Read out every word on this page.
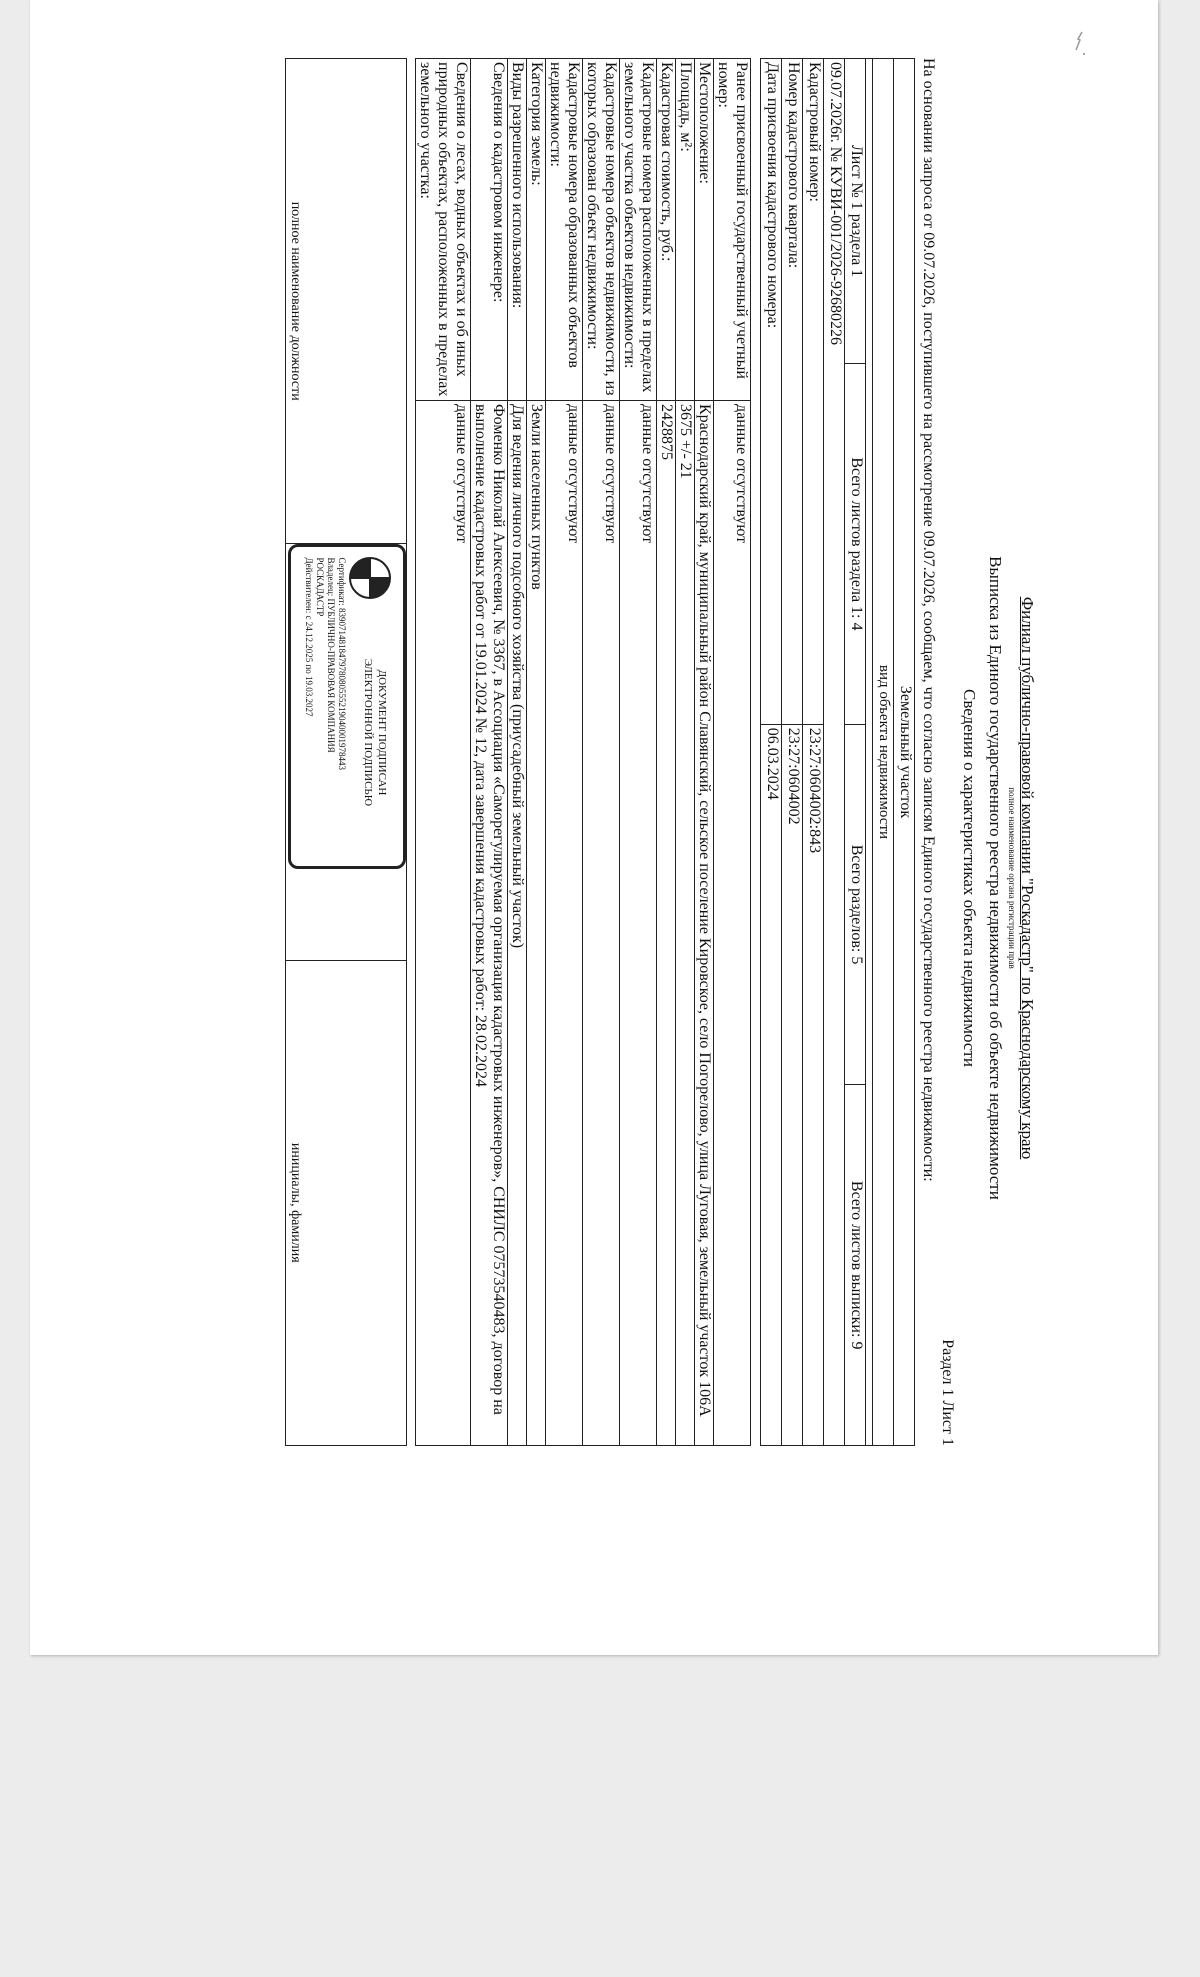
Филиал публично-правовой компании "Роскадастр" по Краснодарскому краю
полное наименование органа регистрации прав
Выписка из Единого государственного реестра недвижимости об объекте недвижимости
Сведения о характеристиках объекта недвижимости
Раздел 1 Лист 1
На основании запроса от 09.07.2026, поступившего на рассмотрение 09.07.2026, сообщаем, что согласно записям Единого государственного реестра недвижимости:
Земельный участок			
вид объекта недвижимости			

Лист № 1 раздела 1	Всего листов раздела 1: 4	Всего разделов: 5	Всего листов выписки: 9
09.07.2026г. № КУВИ-001/2026-92680226			
Кадастровый номер:		23:27:0604002:843	
Номер кадастрового квартала:		23:27:0604002	
Дата присвоения кадастрового номера:		06.03.2024	
Ранее присвоенный государственный учетный номер:	данные отсутствуют
Местоположение:	Краснодарский край, муниципальный район Славянский, сельское поселение Кировское, село Погорелово, улица Луговая, земельный участок 106А
Площадь, м²:	3675 +/- 21
Кадастровая стоимость, руб.:	2428875
Кадастровые номера расположенных в пределах земельного участка объектов недвижимости:	данные отсутствуют
Кадастровые номера объектов недвижимости, из которых образован объект недвижимости:	данные отсутствуют
Кадастровые номера образованных объектов недвижимости:	данные отсутствуют
Категория земель:	Земли населенных пунктов
Виды разрешенного использования:	Для ведения личного подсобного хозяйства (приусадебный земельный участок)
Сведения о кадастровом инженере:	Фоменко Николай Алексеевич, № 3367, в Ассоциация «Саморегулируемая организация кадастровых инженеров», СНИЛС 07573540483, договор на выполнение кадастровых работ от 19.01.2024 № 12, дата завершения кадастровых работ: 28.02.2024
Сведения о лесах, водных объектах и об иных природных объектах, расположенных в пределах земельного участка:	данные отсутствуют
полное наименование должности

ДОКУМЕНТ ПОДПИСАН
ЭЛЕКТРОННОЙ ПОДПИСЬЮ
Сертификат: 839071481847978080555219040001978443
Владелец: ПУБЛИЧНО-ПРАВОВАЯ КОМПАНИЯ
РОСКАДАСТР
Действителен: с 24.12.2025 по 19.03.2027

инициалы, фамилия
